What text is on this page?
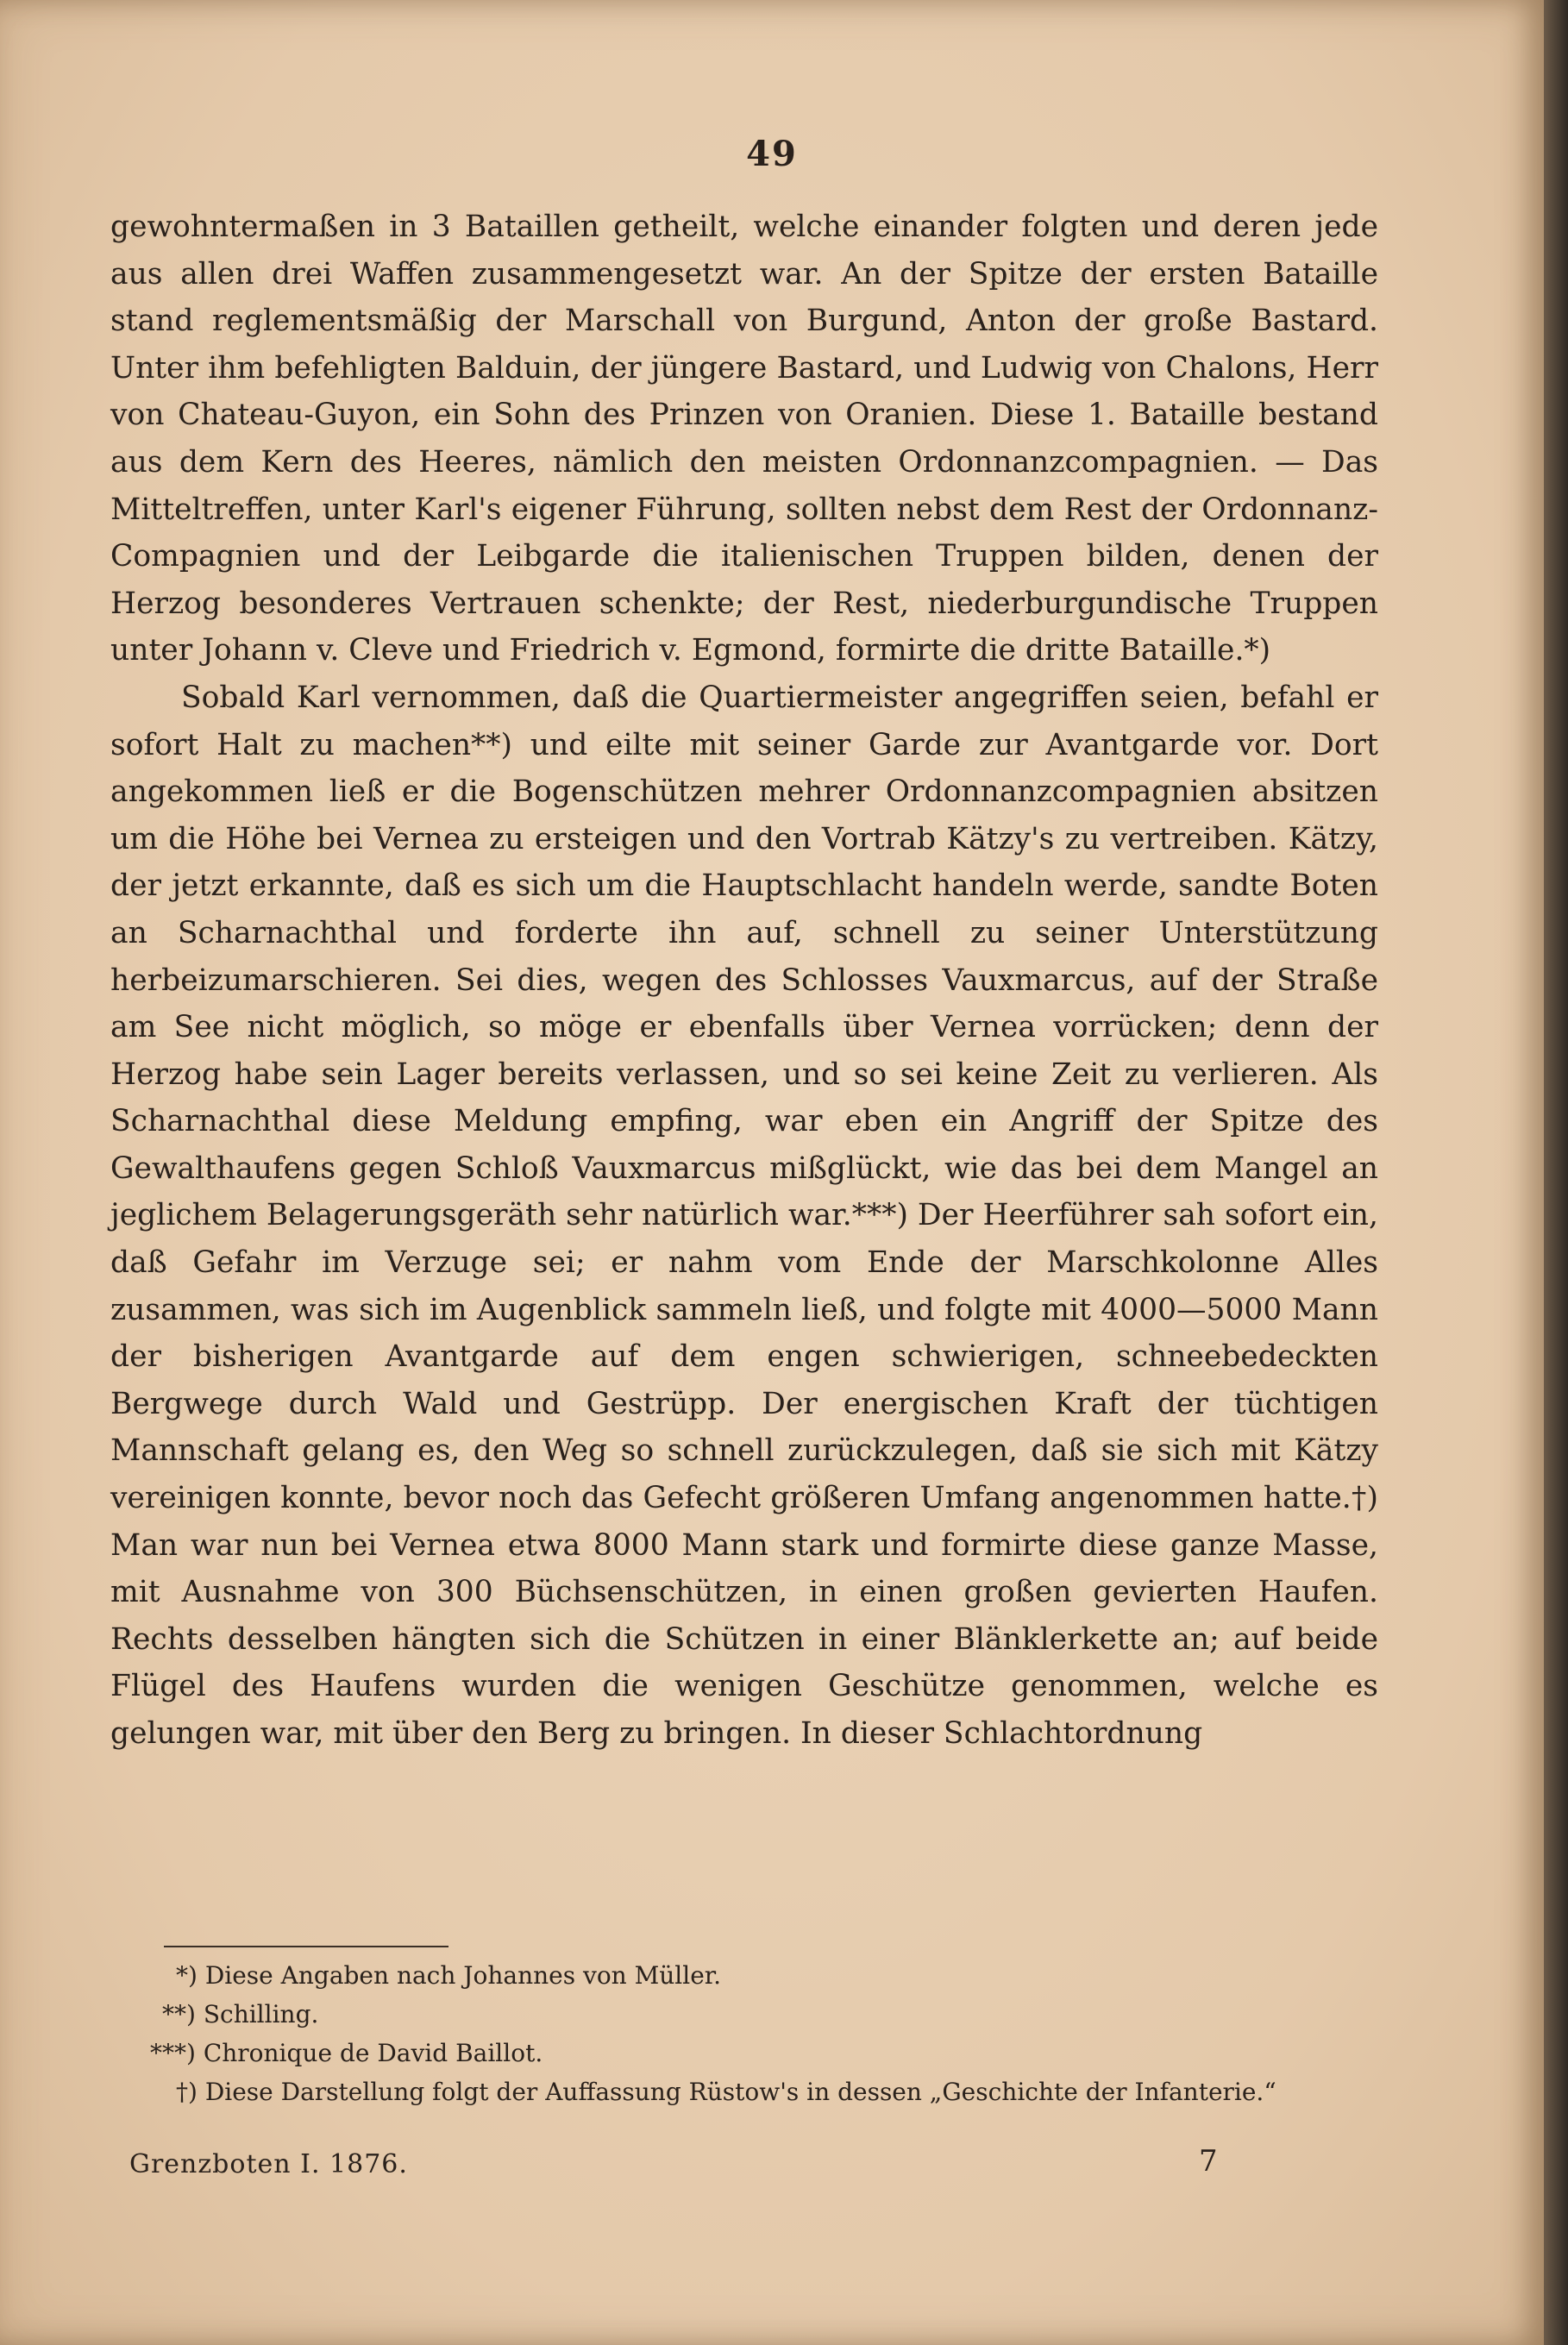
49

gewohntermaßen in 3 Bataillen getheilt, welche einander folgten und deren jede aus allen drei Waffen zusammengesetzt war. An der Spitze der ersten Bataille stand reglementsmäßig der Marschall von Burgund, Anton der große Bastard. Unter ihm befehligten Balduin, der jüngere Bastard, und Ludwig von Chalons, Herr von Chateau-Guyon, ein Sohn des Prinzen von Oranien. Diese 1. Bataille bestand aus dem Kern des Heeres, nämlich den meisten Ordonnanzcompagnien. — Das Mitteltreffen, unter Karl's eigener Führung, sollten nebst dem Rest der Ordonnanz-Compagnien und der Leibgarde die italienischen Truppen bilden, denen der Herzog besonderes Vertrauen schenkte; der Rest, niederburgundische Truppen unter Johann v. Cleve und Friedrich v. Egmond, formirte die dritte Bataille.*)

Sobald Karl vernommen, daß die Quartiermeister angegriffen seien, befahl er sofort Halt zu machen**) und eilte mit seiner Garde zur Avantgarde vor. Dort angekommen ließ er die Bogenschützen mehrer Ordonnanzcompagnien absitzen um die Höhe bei Vernea zu ersteigen und den Vortrab Kätzy's zu vertreiben. Kätzy, der jetzt erkannte, daß es sich um die Hauptschlacht handeln werde, sandte Boten an Scharnachthal und forderte ihn auf, schnell zu seiner Unterstützung herbeizumarschieren. Sei dies, wegen des Schlosses Vauxmarcus, auf der Straße am See nicht möglich, so möge er ebenfalls über Vernea vorrücken; denn der Herzog habe sein Lager bereits verlassen, und so sei keine Zeit zu verlieren. Als Scharnachthal diese Meldung empfing, war eben ein Angriff der Spitze des Gewalthaufens gegen Schloß Vauxmarcus mißglückt, wie das bei dem Mangel an jeglichem Belagerungsgeräth sehr natürlich war.***) Der Heerführer sah sofort ein, daß Gefahr im Verzuge sei; er nahm vom Ende der Marschkolonne Alles zusammen, was sich im Augenblick sammeln ließ, und folgte mit 4000—5000 Mann der bisherigen Avantgarde auf dem engen schwierigen, schneebedeckten Bergwege durch Wald und Gestrüpp. Der energischen Kraft der tüchtigen Mannschaft gelang es, den Weg so schnell zurückzulegen, daß sie sich mit Kätzy vereinigen konnte, bevor noch das Gefecht größeren Umfang angenommen hatte.†) Man war nun bei Vernea etwa 8000 Mann stark und formirte diese ganze Masse, mit Ausnahme von 300 Büchsenschützen, in einen großen gevierten Haufen. Rechts desselben hängten sich die Schützen in einer Blänklerkette an; auf beide Flügel des Haufens wurden die wenigen Geschütze genommen, welche es gelungen war, mit über den Berg zu bringen. In dieser Schlachtordnung

*) Diese Angaben nach Johannes von Müller.

**) Schilling.

***) Chronique de David Baillot.

†) Diese Darstellung folgt der Auffassung Rüstow's in dessen „Geschichte der Infanterie.“

Grenzboten I. 1876.	7
